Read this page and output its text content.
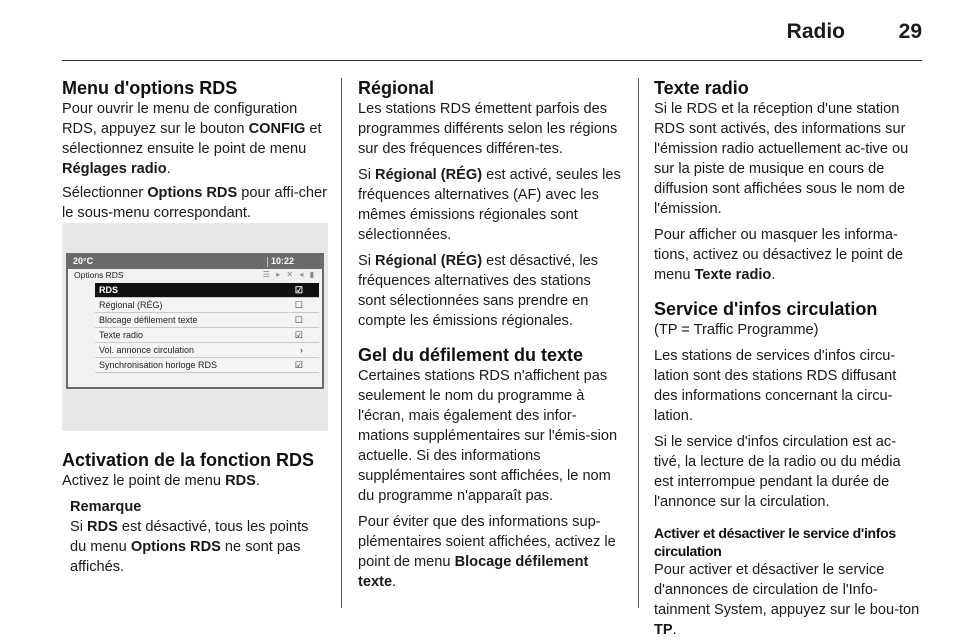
Radio	29
Menu d'options RDS

Pour ouvrir le menu de configuration RDS, appuyez sur le bouton CONFIG et sélectionnez ensuite le point de menu Réglages radio.

Sélectionner Options RDS pour affi-cher le sous-menu correspondant.

20°C	10:22
Options RDS	☰ ▸ ✕ ◂ ▮
RDS	☑
Régional (RÉG)	☐
Blocage défilement texte	☐
Texte radio	☑
Vol. annonce circulation	›
Synchronisation horloge RDS	☑
Activation de la fonction RDS

Activez le point de menu RDS.

Remarque

Si RDS est désactivé, tous les points du menu Options RDS ne sont pas affichés.

Régional

Les stations RDS émettent parfois des programmes différents selon les régions sur des fréquences différen-tes.

Si Régional (RÉG) est activé, seules les fréquences alternatives (AF) avec les mêmes émissions régionales sont sélectionnées.

Si Régional (RÉG) est désactivé, les fréquences alternatives des stations sont sélectionnées sans prendre en compte les émissions régionales.

Gel du défilement du texte

Certaines stations RDS n'affichent pas seulement le nom du programme à l'écran, mais également des infor-mations supplémentaires sur l'émis-sion actuelle. Si des informations supplémentaires sont affichées, le nom du programme n'apparaît pas.

Pour éviter que des informations sup-plémentaires soient affichées, activez le point de menu Blocage défilement texte.

Texte radio

Si le RDS et la réception d'une station RDS sont activés, des informations sur l'émission radio actuellement ac-tive ou sur la piste de musique en cours de diffusion sont affichées sous le nom de l'émission.

Pour afficher ou masquer les informa-tions, activez ou désactivez le point de menu Texte radio.

Service d'infos circulation

(TP = Traffic Programme)

Les stations de services d'infos circu-lation sont des stations RDS diffusant des informations concernant la circu-lation.

Si le service d'infos circulation est ac-tivé, la lecture de la radio ou du média est interrompue pendant la durée de l'annonce sur la circulation.

Activer et désactiver le service d'infos circulation

Pour activer et désactiver le service d'annonces de circulation de l'Info-tainment System, appuyez sur le bou-ton TP.
